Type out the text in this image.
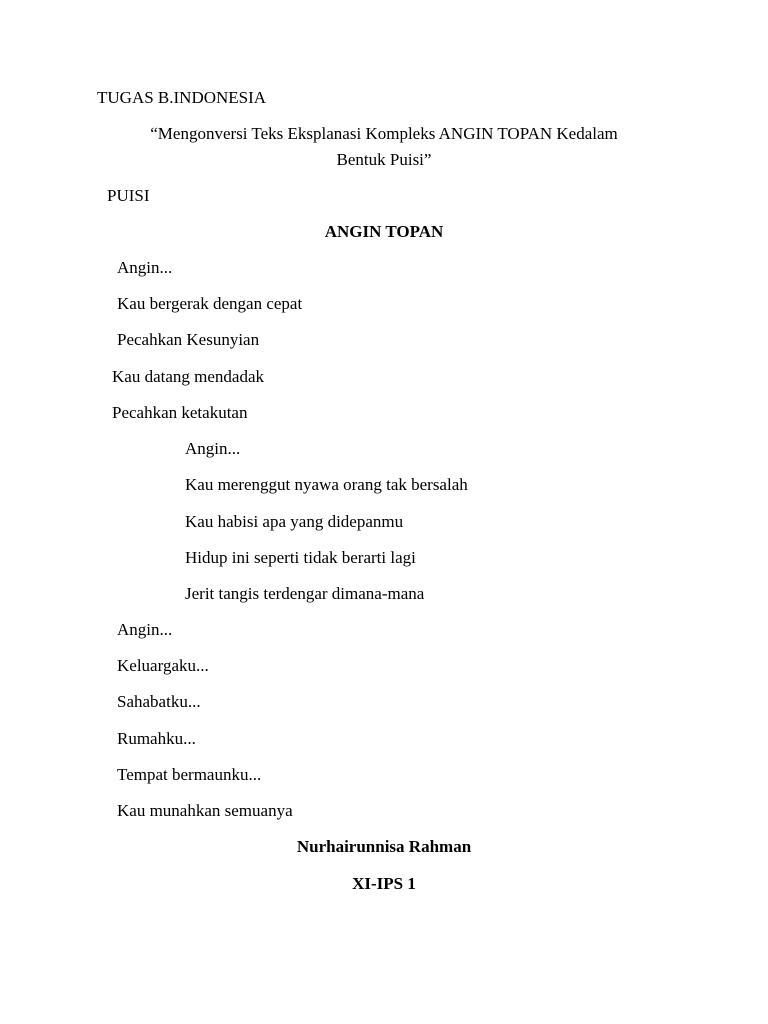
TUGAS B.INDONESIA
“Mengonversi Teks Eksplanasi Kompleks ANGIN TOPAN Kedalam
Bentuk Puisi”
PUISI
ANGIN TOPAN
Angin...
Kau bergerak dengan cepat
Pecahkan Kesunyian
Kau datang mendadak
Pecahkan ketakutan
Angin...
Kau merenggut nyawa orang tak bersalah
Kau habisi apa yang didepanmu
Hidup ini seperti tidak berarti lagi
Jerit tangis terdengar dimana-mana
Angin...
Keluargaku...
Sahabatku...
Rumahku...
Tempat bermaunku...
Kau munahkan semuanya
Nurhairunnisa Rahman
XI-IPS 1
